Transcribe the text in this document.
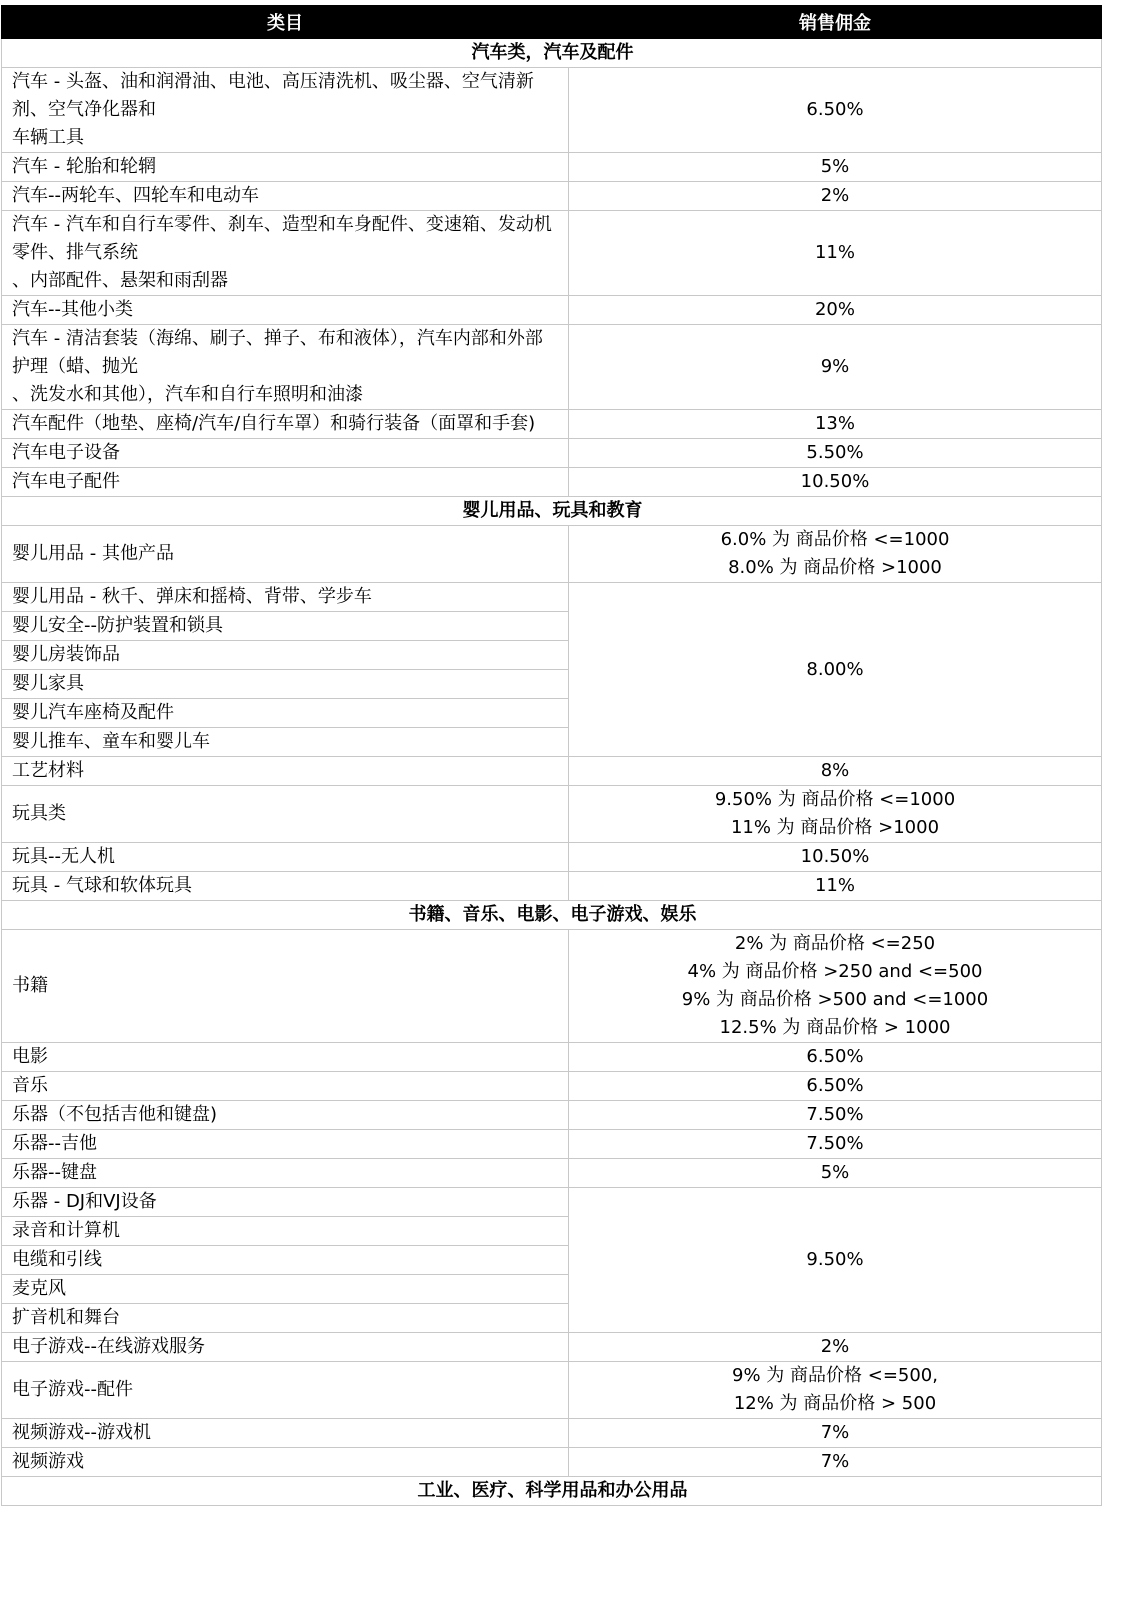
类目	销售佣金
汽车类，汽车及配件	
汽车 - 头盔、油和润滑油、电池、高压清洗机、吸尘器、空气清新剂、空气净化器和
车辆工具	6.50%
汽车 - 轮胎和轮辋	5%
汽车--两轮车、四轮车和电动车	2%
汽车 - 汽车和自行车零件、刹车、造型和车身配件、变速箱、发动机零件、排气系统
、内部配件、悬架和雨刮器	11%
汽车--其他小类	20%
汽车 - 清洁套装（海绵、刷子、掸子、布和液体），汽车内部和外部护理（蜡、抛光
、洗发水和其他），汽车和自行车照明和油漆	9%
汽车配件（地垫、座椅/汽车/自行车罩）和骑行装备（面罩和手套)	13%
汽车电子设备	5.50%
汽车电子配件	10.50%
婴儿用品、玩具和教育	
婴儿用品 - 其他产品	6.0% 为 商品价格 <=1000
8.0% 为 商品价格 >1000
婴儿用品 - 秋千、弹床和摇椅、背带、学步车	8.00%
婴儿安全--防护装置和锁具	
婴儿房装饰品	
婴儿家具	
婴儿汽车座椅及配件	
婴儿推车、童车和婴儿车	
工艺材料	8%
玩具类	9.50% 为 商品价格 <=1000
11% 为 商品价格 >1000
玩具--无人机	10.50%
玩具 - 气球和软体玩具	11%
书籍、音乐、电影、电子游戏、娱乐	
书籍	2% 为 商品价格 <=250
4% 为 商品价格 >250 and <=500
9% 为 商品价格 >500 and <=1000
12.5% 为 商品价格 > 1000
电影	6.50%
音乐	6.50%
乐器（不包括吉他和键盘)	7.50%
乐器--吉他	7.50%
乐器--键盘	5%
乐器 - DJ和VJ设备	9.50%
录音和计算机	
电缆和引线	
麦克风	
扩音机和舞台	
电子游戏--在线游戏服务	2%
电子游戏--配件	9% 为 商品价格 <=500,
12% 为 商品价格 > 500
视频游戏--游戏机	7%
视频游戏	7%
工业、医疗、科学用品和办公用品	
